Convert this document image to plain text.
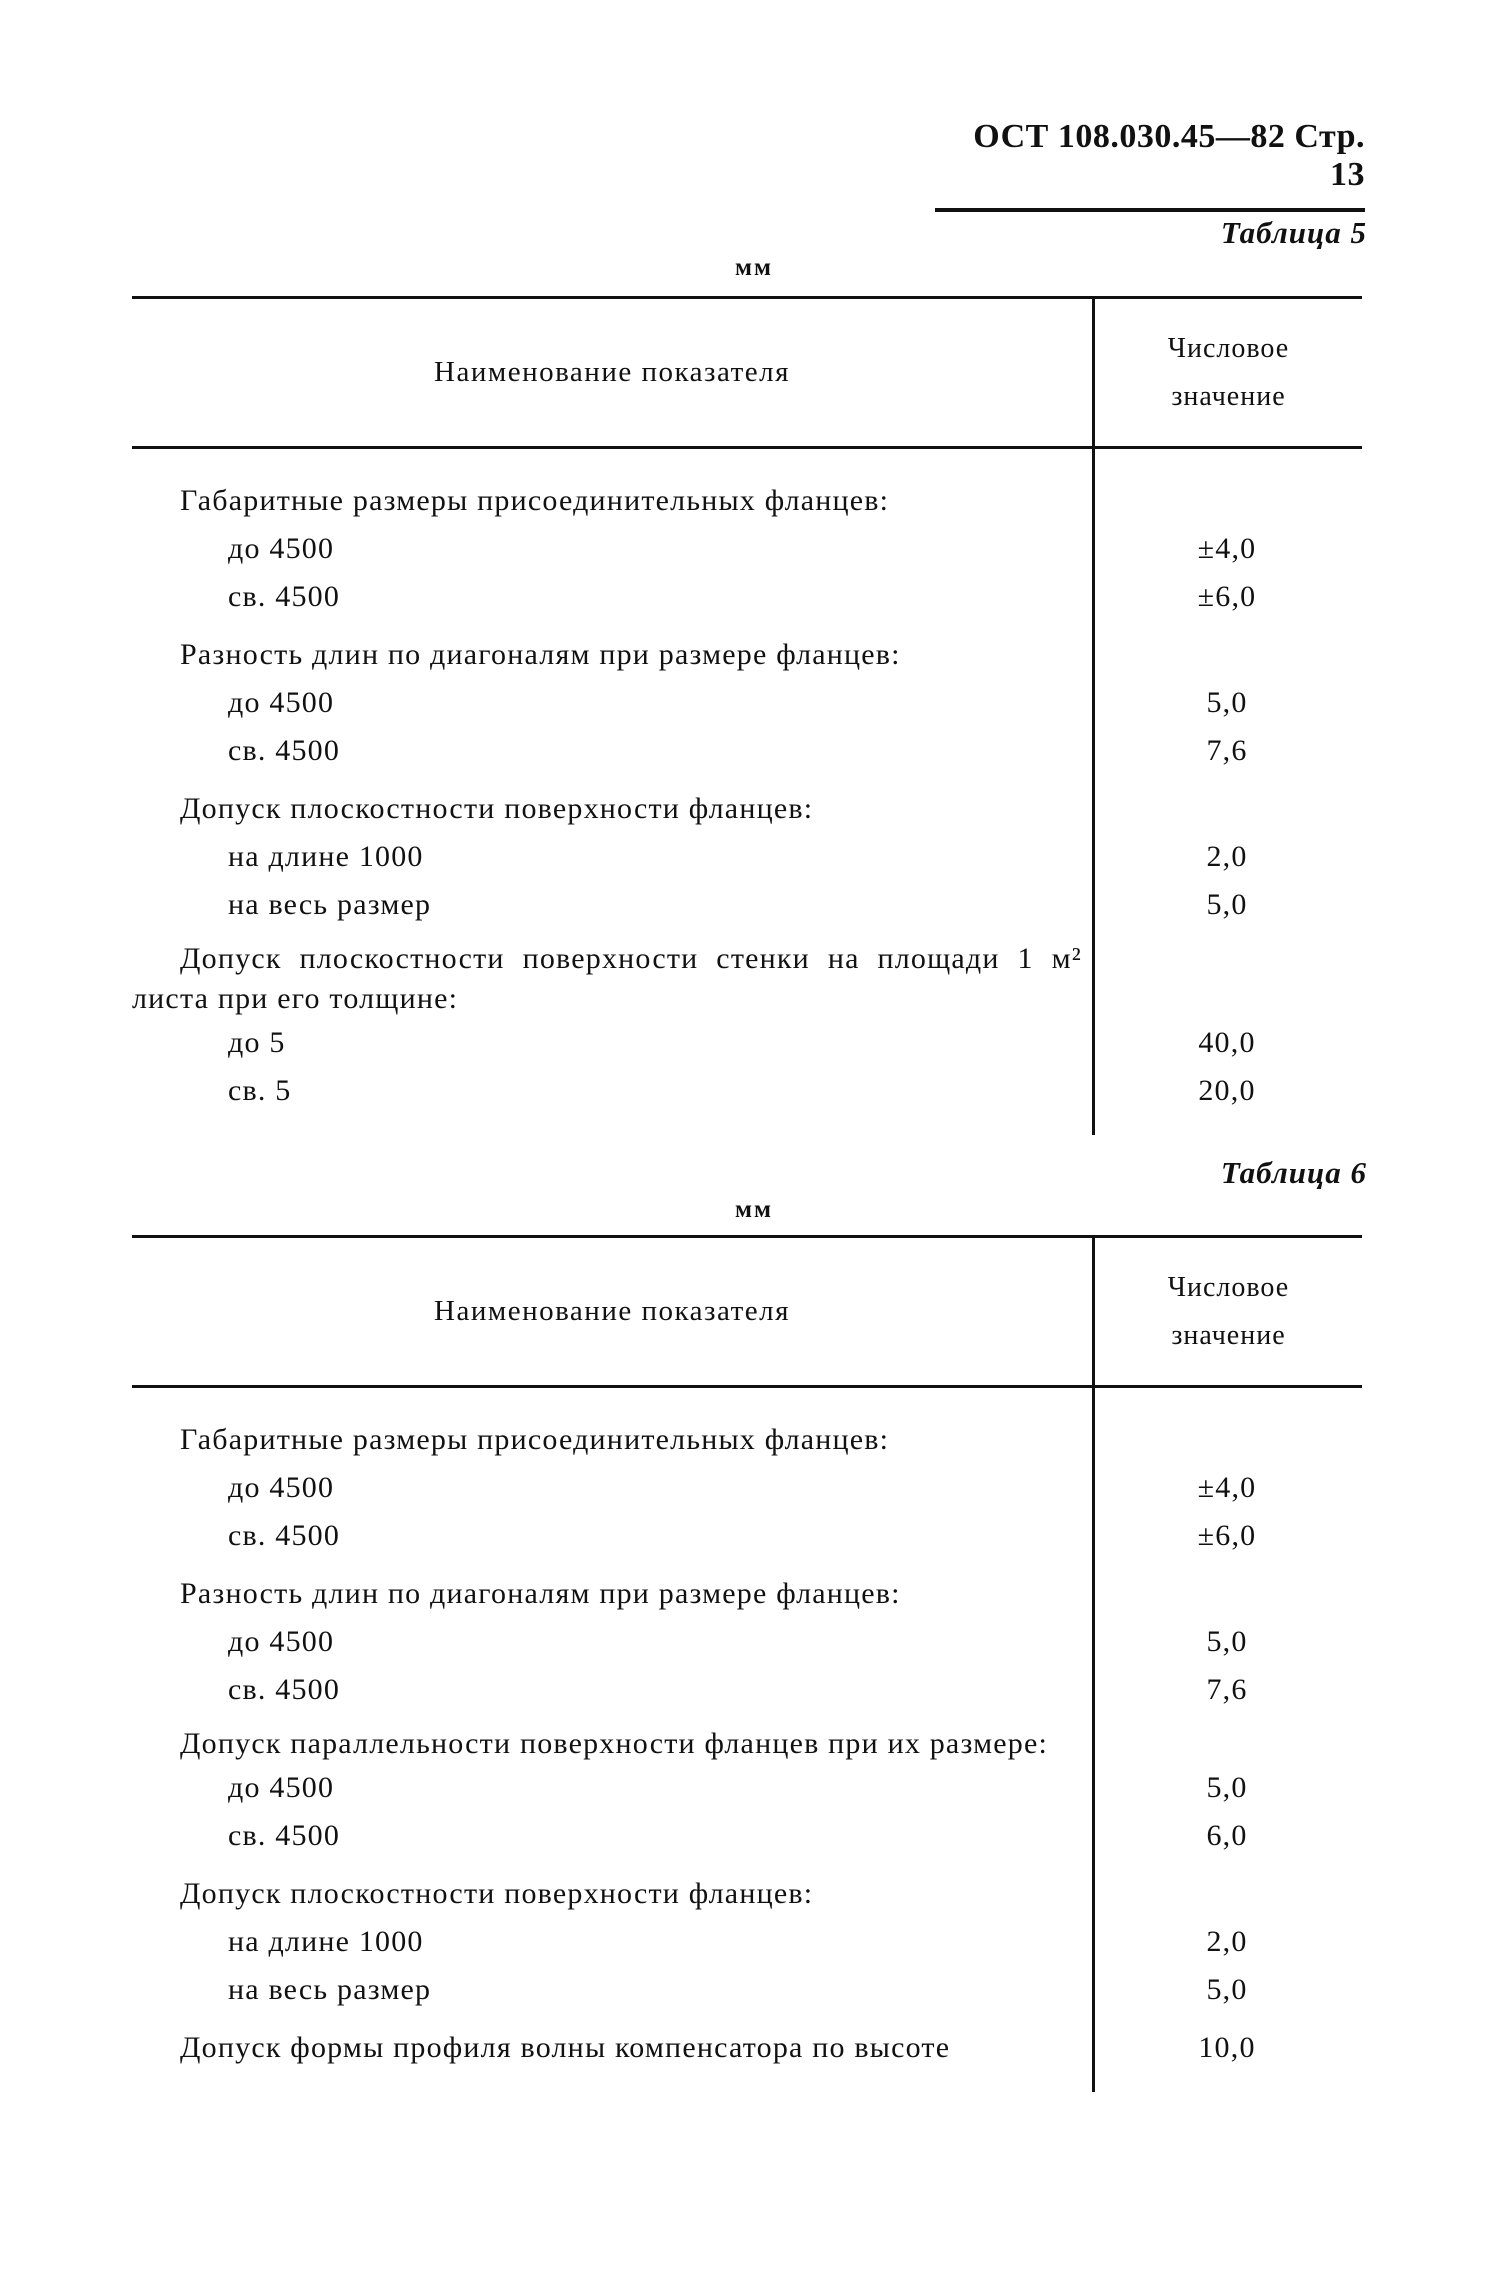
ОСТ 108.030.45—82 Стр. 13
Таблица 5
мм
Наименование показателя
Числовое
значение
Габаритные размеры присоединительных фланцев:
до 4500	±4,0
св. 4500	±6,0
Разность длин по диагоналям при размере фланцев:
до 4500	5,0
св. 4500	7,6
Допуск плоскостности поверхности фланцев:
на длине 1000	2,0
на весь размер	5,0
Допуск плоскостности поверхности стенки на площади 1 м² листа при его толщине:
до 5	40,0
св. 5	20,0
Таблица 6
мм
Наименование показателя
Числовое
значение
Габаритные размеры присоединительных фланцев:
до 4500	±4,0
св. 4500	±6,0
Разность длин по диагоналям при размере фланцев:
до 4500	5,0
св. 4500	7,6
Допуск параллельности поверхности фланцев при их размере:
до 4500	5,0
св. 4500	6,0
Допуск плоскостности поверхности фланцев:
на длине 1000	2,0
на весь размер	5,0
Допуск формы профиля волны компенсатора по высоте	10,0
